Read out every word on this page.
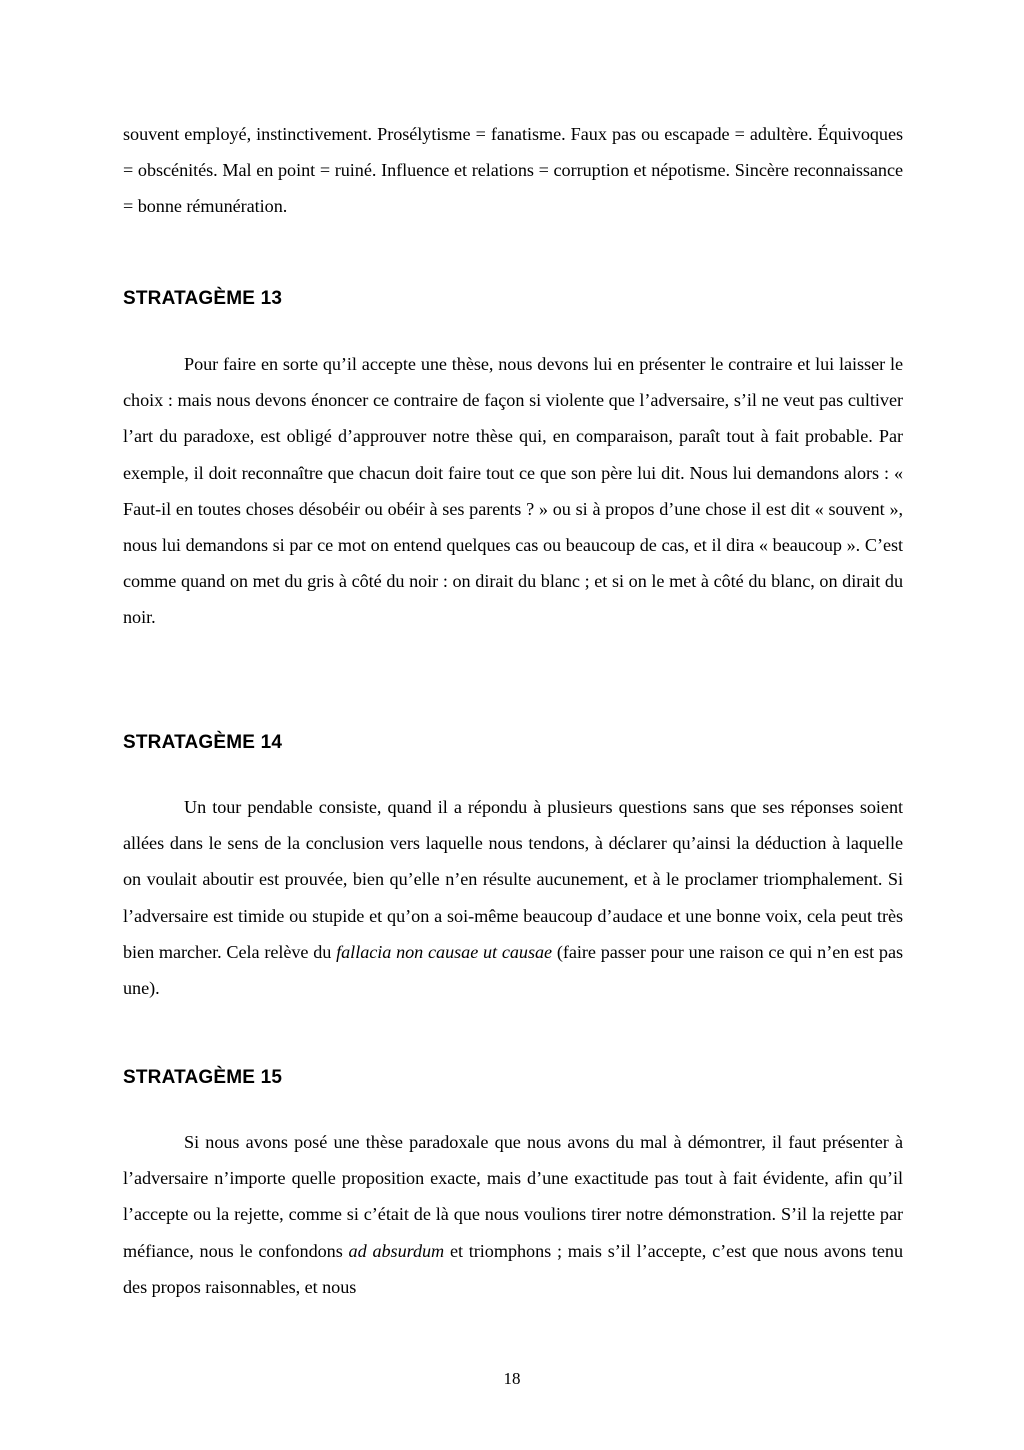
souvent employé, instinctivement. Prosélytisme = fanatisme. Faux pas ou escapade = adultère. Équivoques = obscénités. Mal en point = ruiné. Influence et relations = corruption et népotisme. Sincère reconnaissance = bonne rémunération.

STRATAGÈME 13

Pour faire en sorte qu’il accepte une thèse, nous devons lui en présenter le contraire et lui laisser le choix : mais nous devons énoncer ce contraire de façon si violente que l’adversaire, s’il ne veut pas cultiver l’art du paradoxe, est obligé d’approuver notre thèse qui, en comparaison, paraît tout à fait probable. Par exemple, il doit reconnaître que chacun doit faire tout ce que son père lui dit. Nous lui demandons alors : « Faut-il en toutes choses désobéir ou obéir à ses parents ? » ou si à propos d’une chose il est dit « souvent », nous lui demandons si par ce mot on entend quelques cas ou beaucoup de cas, et il dira « beaucoup ». C’est comme quand on met du gris à côté du noir : on dirait du blanc ; et si on le met à côté du blanc, on dirait du noir.

STRATAGÈME 14

Un tour pendable consiste, quand il a répondu à plusieurs questions sans que ses réponses soient allées dans le sens de la conclusion vers laquelle nous tendons, à déclarer qu’ainsi la déduction à laquelle on voulait aboutir est prouvée, bien qu’elle n’en résulte aucunement, et à le proclamer triomphalement. Si l’adversaire est timide ou stupide et qu’on a soi-même beaucoup d’audace et une bonne voix, cela peut très bien marcher. Cela relève du fallacia non causae ut causae (faire passer pour une raison ce qui n’en est pas une).

STRATAGÈME 15

Si nous avons posé une thèse paradoxale que nous avons du mal à démontrer, il faut présenter à l’adversaire n’importe quelle proposition exacte, mais d’une exactitude pas tout à fait évidente, afin qu’il l’accepte ou la rejette, comme si c’était de là que nous voulions tirer notre démonstration. S’il la rejette par méfiance, nous le confondons ad absurdum et triomphons ; mais s’il l’accepte, c’est que nous avons tenu des propos raisonnables, et nous

18
